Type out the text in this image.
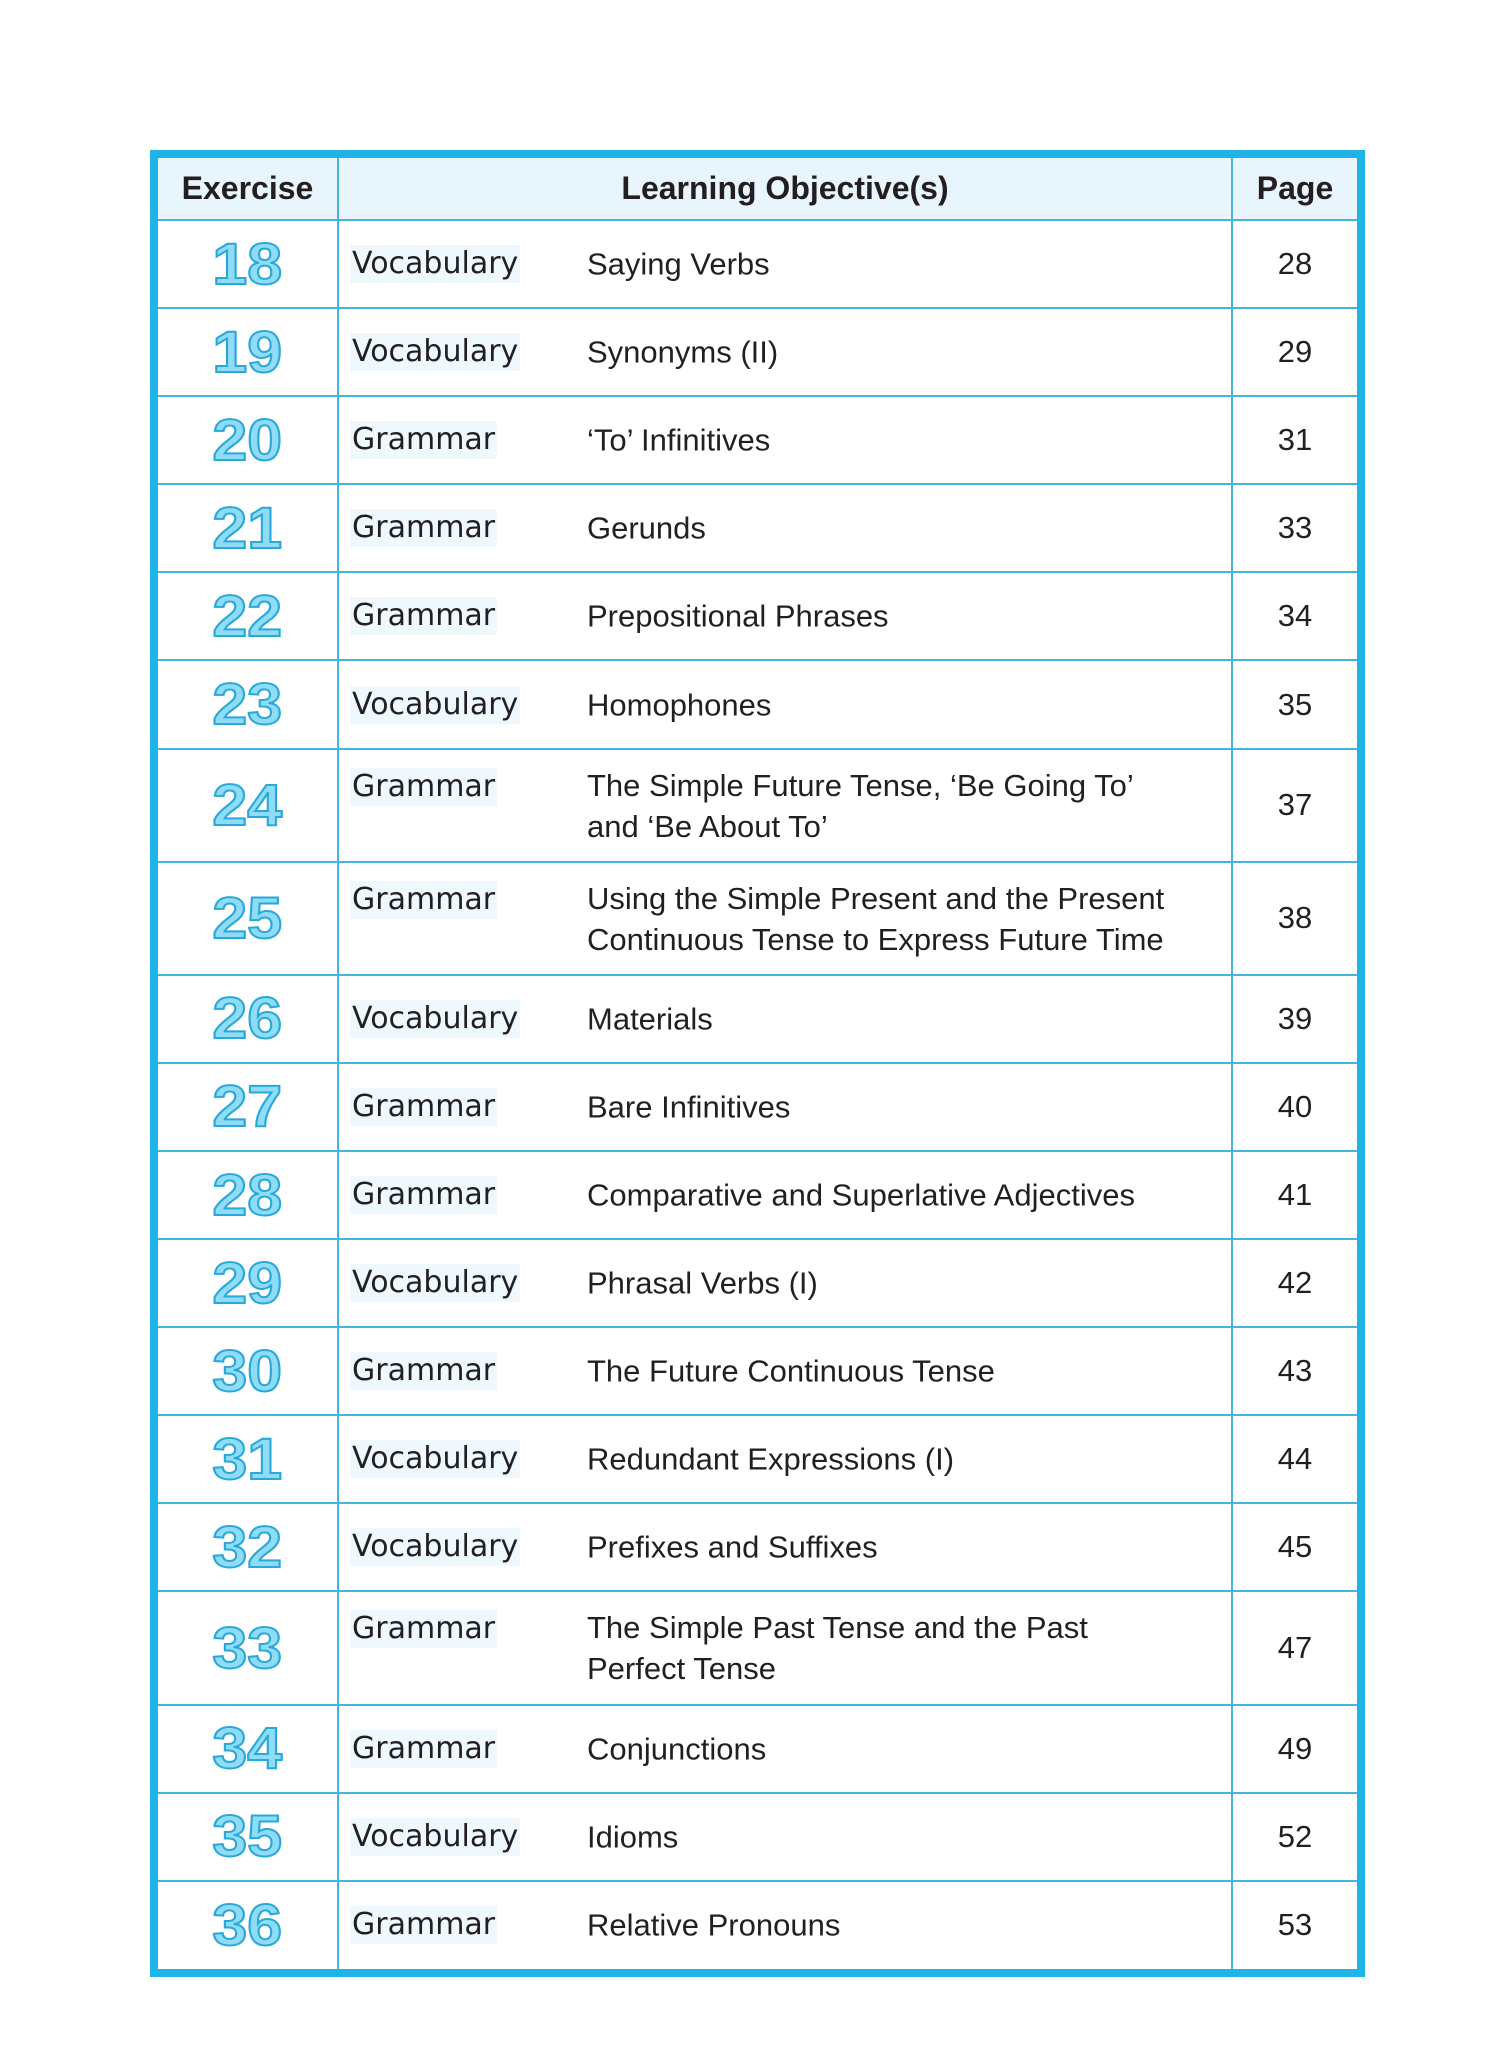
Exercise	Learning Objective(s)	Page
18	Vocabulary Saying Verbs	28
19	Vocabulary Synonyms (II)	29
20	Grammar ‘To’ Infinitives	31
21	Grammar Gerunds	33
22	Grammar Prepositional Phrases	34
23	Vocabulary Homophones	35
24	Grammar The Simple Future Tense, ‘Be Going To’
and ‘Be About To’	37
25	Grammar Using the Simple Present and the Present
Continuous Tense to Express Future Time	38
26	Vocabulary Materials	39
27	Grammar Bare Infinitives	40
28	Grammar Comparative and Superlative Adjectives	41
29	Vocabulary Phrasal Verbs (I)	42
30	Grammar The Future Continuous Tense	43
31	Vocabulary Redundant Expressions (I)	44
32	Vocabulary Prefixes and Suffixes	45
33	Grammar The Simple Past Tense and the Past
Perfect Tense	47
34	Grammar Conjunctions	49
35	Vocabulary Idioms	52
36	Grammar Relative Pronouns	53
